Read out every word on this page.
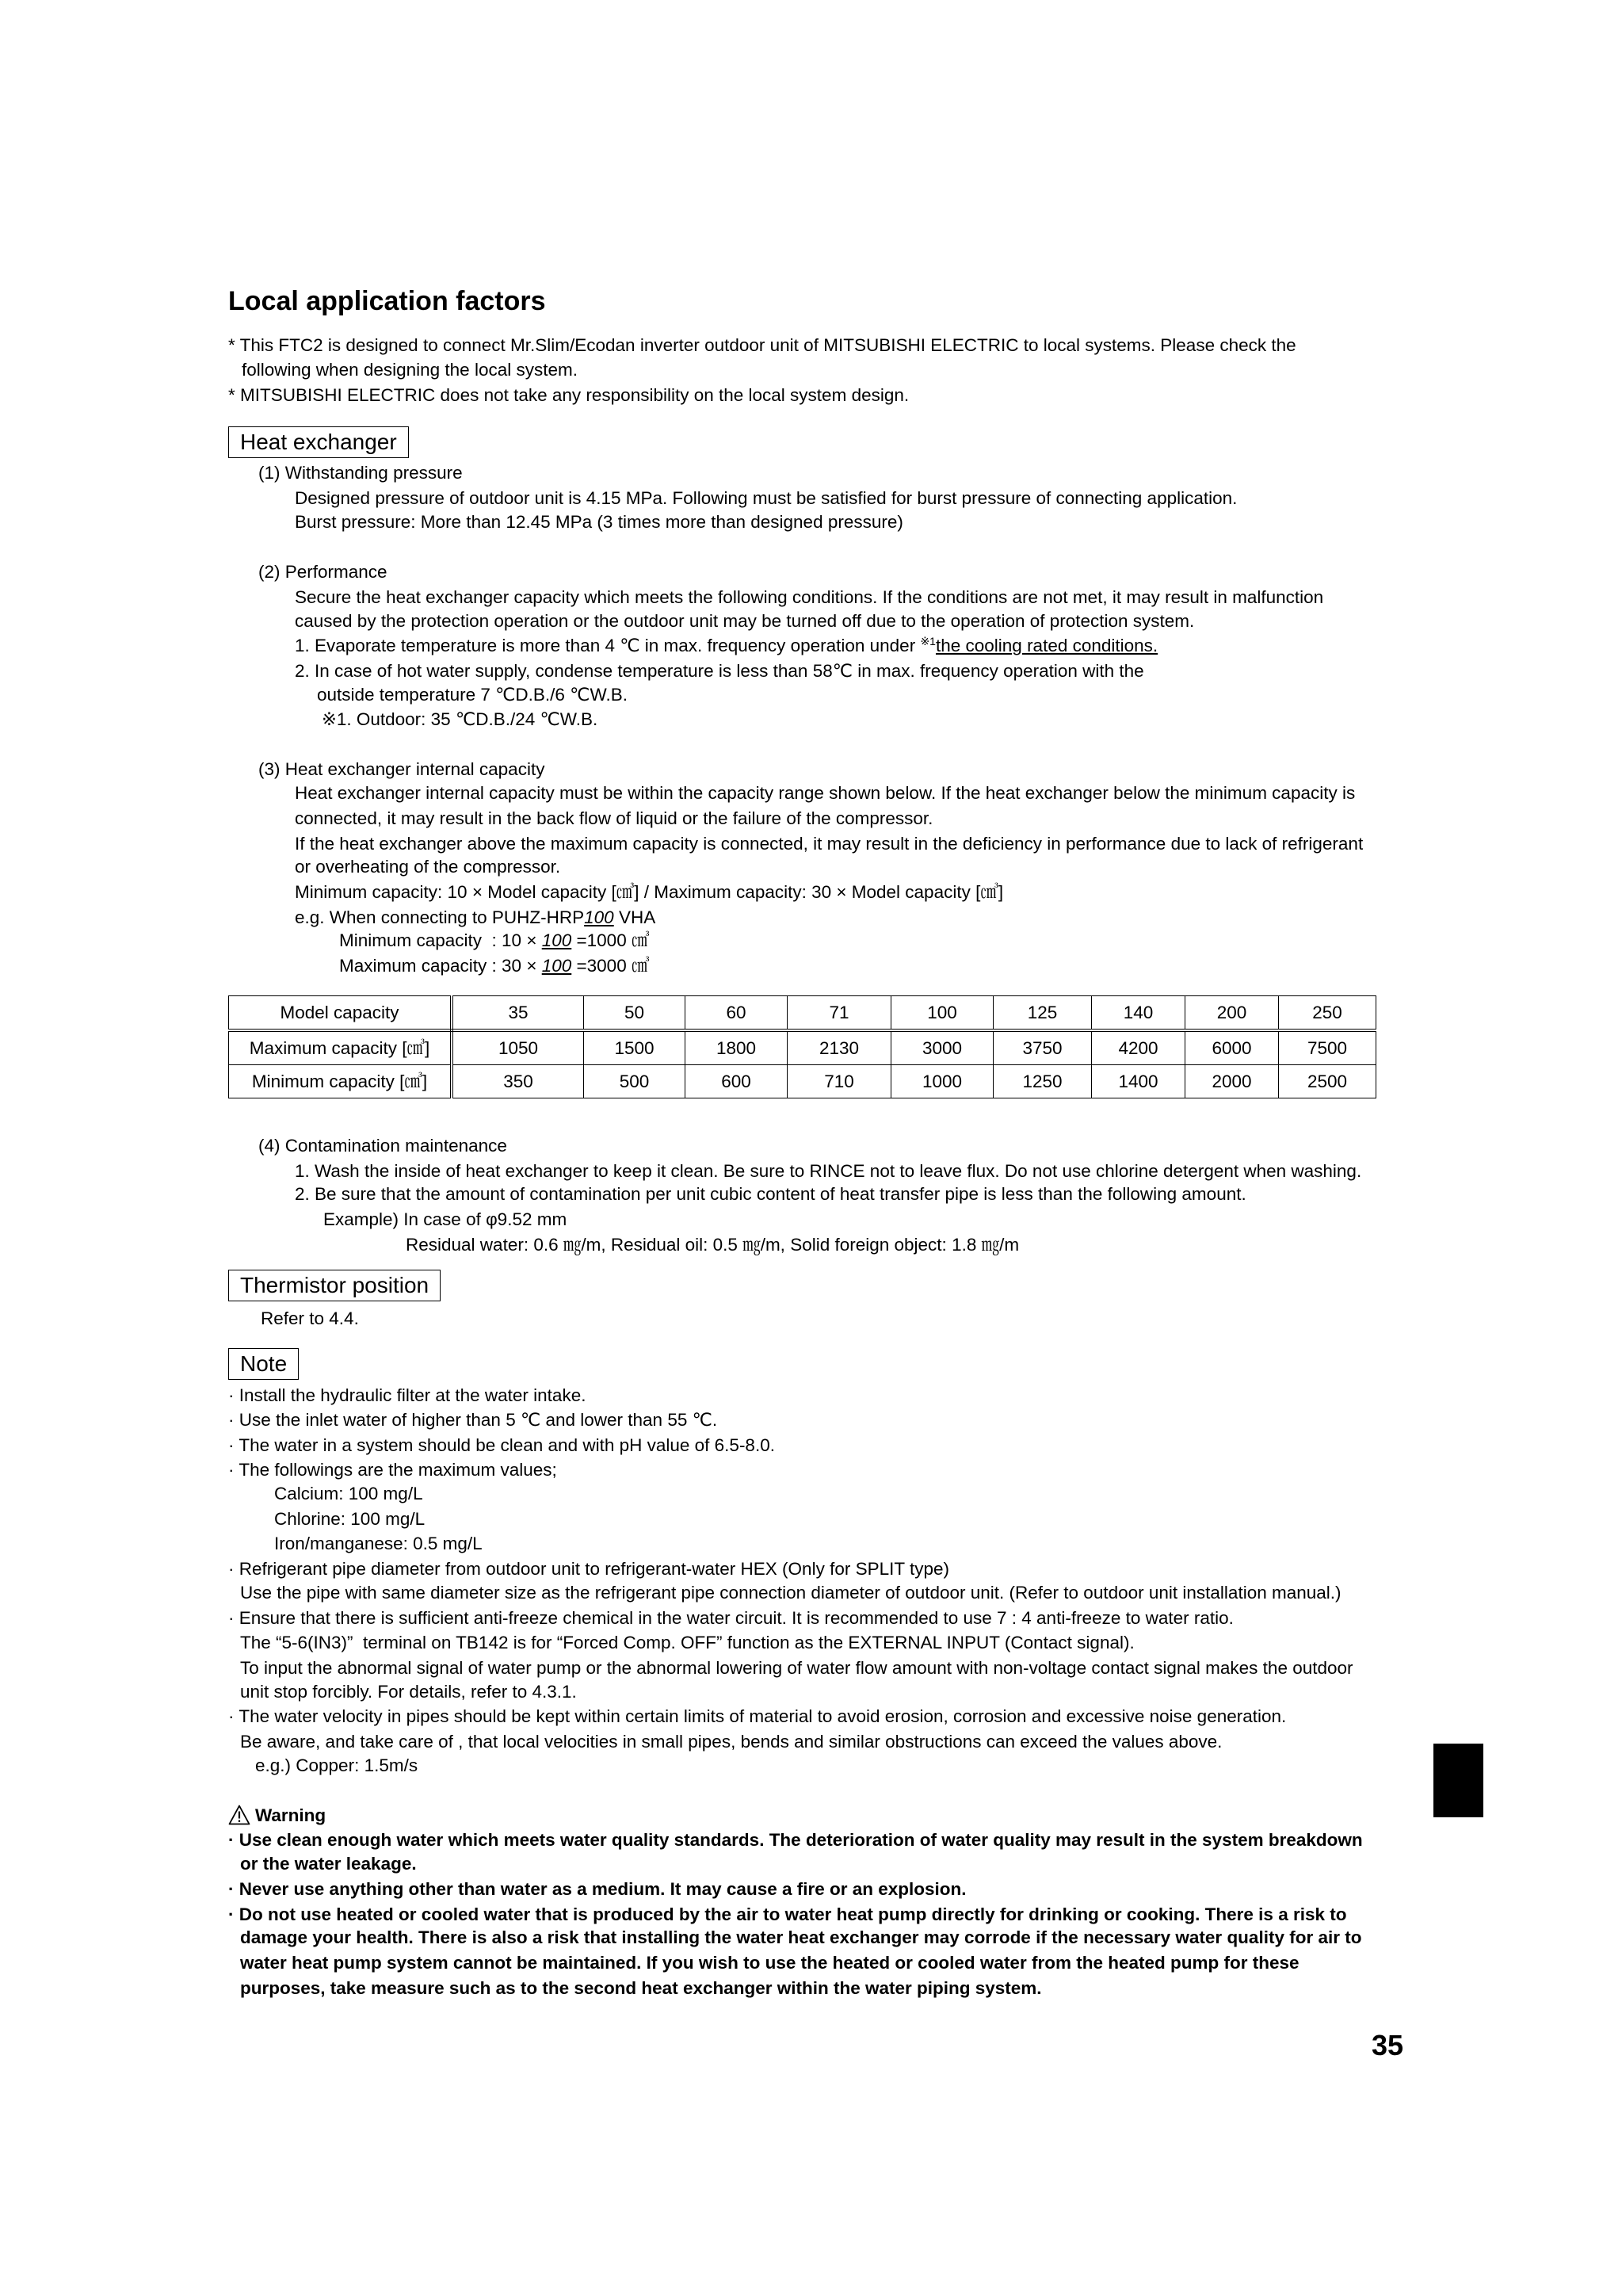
Local application factors
* This FTC2 is designed to connect Mr.Slim/Ecodan inverter outdoor unit of MITSUBISHI ELECTRIC to local systems. Please check the
following when designing the local system.
* MITSUBISHI ELECTRIC does not take any responsibility on the local system design.
Heat exchanger
(1) Withstanding pressure
Designed pressure of outdoor unit is 4.15 MPa. Following must be satisfied for burst pressure of connecting application.
Burst pressure: More than 12.45 MPa (3 times more than designed pressure)
(2) Performance
Secure the heat exchanger capacity which meets the following conditions. If the conditions are not met, it may result in malfunction
caused by the protection operation or the outdoor unit may be turned off due to the operation of protection system.
1. Evaporate temperature is more than 4 ℃ in max. frequency operation under $^{※1}$the cooling rated conditions.
2. In case of hot water supply, condense temperature is less than 58℃ in max. frequency operation with the
outside temperature 7 ℃D.B./6 ℃W.B.
※1. Outdoor: 35 ℃D.B./24 ℃W.B.
(3) Heat exchanger internal capacity
Heat exchanger internal capacity must be within the capacity range shown below. If the heat exchanger below the minimum capacity is
connected, it may result in the back flow of liquid or the failure of the compressor.
If the heat exchanger above the maximum capacity is connected, it may result in the deficiency in performance due to lack of refrigerant
or overheating of the compressor.
Minimum capacity: 10 × Model capacity [㎤] / Maximum capacity: 30 × Model capacity [㎤]
e.g. When connecting to PUHZ-HRP100 VHA
Minimum capacity  : 10 × 100 =1000 ㎤
Maximum capacity : 30 × 100 =3000 ㎤
Model capacity	35	50	60	71	100	125	140	200	250
Maximum capacity [㎤]	1050	1500	1800	2130	3000	3750	4200	6000	7500
Minimum capacity [㎤]	350	500	600	710	1000	1250	1400	2000	2500
(4) Contamination maintenance
1. Wash the inside of heat exchanger to keep it clean. Be sure to RINCE not to leave flux. Do not use chlorine detergent when washing.
2. Be sure that the amount of contamination per unit cubic content of heat transfer pipe is less than the following amount.
Example) In case of φ9.52 mm
Residual water: 0.6 ㎎/m, Residual oil: 0.5 ㎎/m, Solid foreign object: 1.8 ㎎/m
Thermistor position
Refer to 4.4.
Note
· Install the hydraulic filter at the water intake.
· Use the inlet water of higher than 5 ℃ and lower than 55 ℃.
· The water in a system should be clean and with pH value of 6.5-8.0.
· The followings are the maximum values;
Calcium: 100 mg/L
Chlorine: 100 mg/L
Iron/manganese: 0.5 mg/L
· Refrigerant pipe diameter from outdoor unit to refrigerant-water HEX (Only for SPLIT type)
Use the pipe with same diameter size as the refrigerant pipe connection diameter of outdoor unit. (Refer to outdoor unit installation manual.)
· Ensure that there is sufficient anti-freeze chemical in the water circuit. It is recommended to use 7 : 4 anti-freeze to water ratio.
The “5-6(IN3)”  terminal on TB142 is for “Forced Comp. OFF” function as the EXTERNAL INPUT (Contact signal).
To input the abnormal signal of water pump or the abnormal lowering of water flow amount with non-voltage contact signal makes the outdoor
unit stop forcibly. For details, refer to 4.3.1.
· The water velocity in pipes should be kept within certain limits of material to avoid erosion, corrosion and excessive noise generation.
Be aware, and take care of , that local velocities in small pipes, bends and similar obstructions can exceed the values above.
e.g.) Copper: 1.5m/s
Warning
· Use clean enough water which meets water quality standards. The deterioration of water quality may result in the system breakdown
or the water leakage.
· Never use anything other than water as a medium. It may cause a fire or an explosion.
· Do not use heated or cooled water that is produced by the air to water heat pump directly for drinking or cooking. There is a risk to
damage your health. There is also a risk that installing the water heat exchanger may corrode if the necessary water quality for air to
water heat pump system cannot be maintained. If you wish to use the heated or cooled water from the heated pump for these
purposes, take measure such as to the second heat exchanger within the water piping system.
35
